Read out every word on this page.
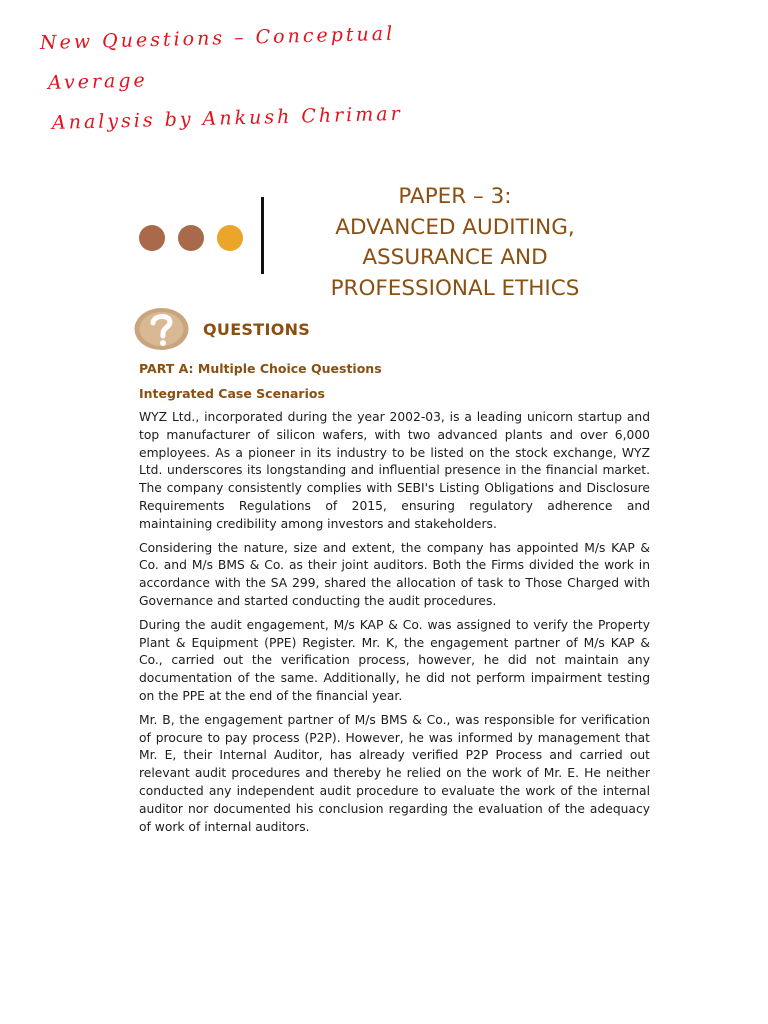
New Questions – Conceptual
Average
Analysis by Ankush Chrimar
PAPER – 3:
ADVANCED AUDITING,
ASSURANCE AND
PROFESSIONAL ETHICS
QUESTIONS
PART A: Multiple Choice Questions
Integrated Case Scenarios

WYZ Ltd., incorporated during the year 2002-03, is a leading unicorn startup and top manufacturer of silicon wafers, with two advanced plants and over 6,000 employees. As a pioneer in its industry to be listed on the stock exchange, WYZ Ltd. underscores its longstanding and influential presence in the financial market. The company consistently complies with SEBI's Listing Obligations and Disclosure Requirements Regulations of 2015, ensuring regulatory adherence and maintaining credibility among investors and stakeholders.

Considering the nature, size and extent, the company has appointed M/s KAP & Co. and M/s BMS & Co. as their joint auditors. Both the Firms divided the work in accordance with the SA 299, shared the allocation of task to Those Charged with Governance and started conducting the audit procedures.

During the audit engagement, M/s KAP & Co. was assigned to verify the Property Plant & Equipment (PPE) Register. Mr. K, the engagement partner of M/s KAP & Co., carried out the verification process, however, he did not maintain any documentation of the same. Additionally, he did not perform impairment testing on the PPE at the end of the financial year.

Mr. B, the engagement partner of M/s BMS & Co., was responsible for verification of procure to pay process (P2P). However, he was informed by management that Mr. E, their Internal Auditor, has already verified P2P Process and carried out relevant audit procedures and thereby he relied on the work of Mr. E. He neither conducted any independent audit procedure to evaluate the work of the internal auditor nor documented his conclusion regarding the evaluation of the adequacy of work of internal auditors.
